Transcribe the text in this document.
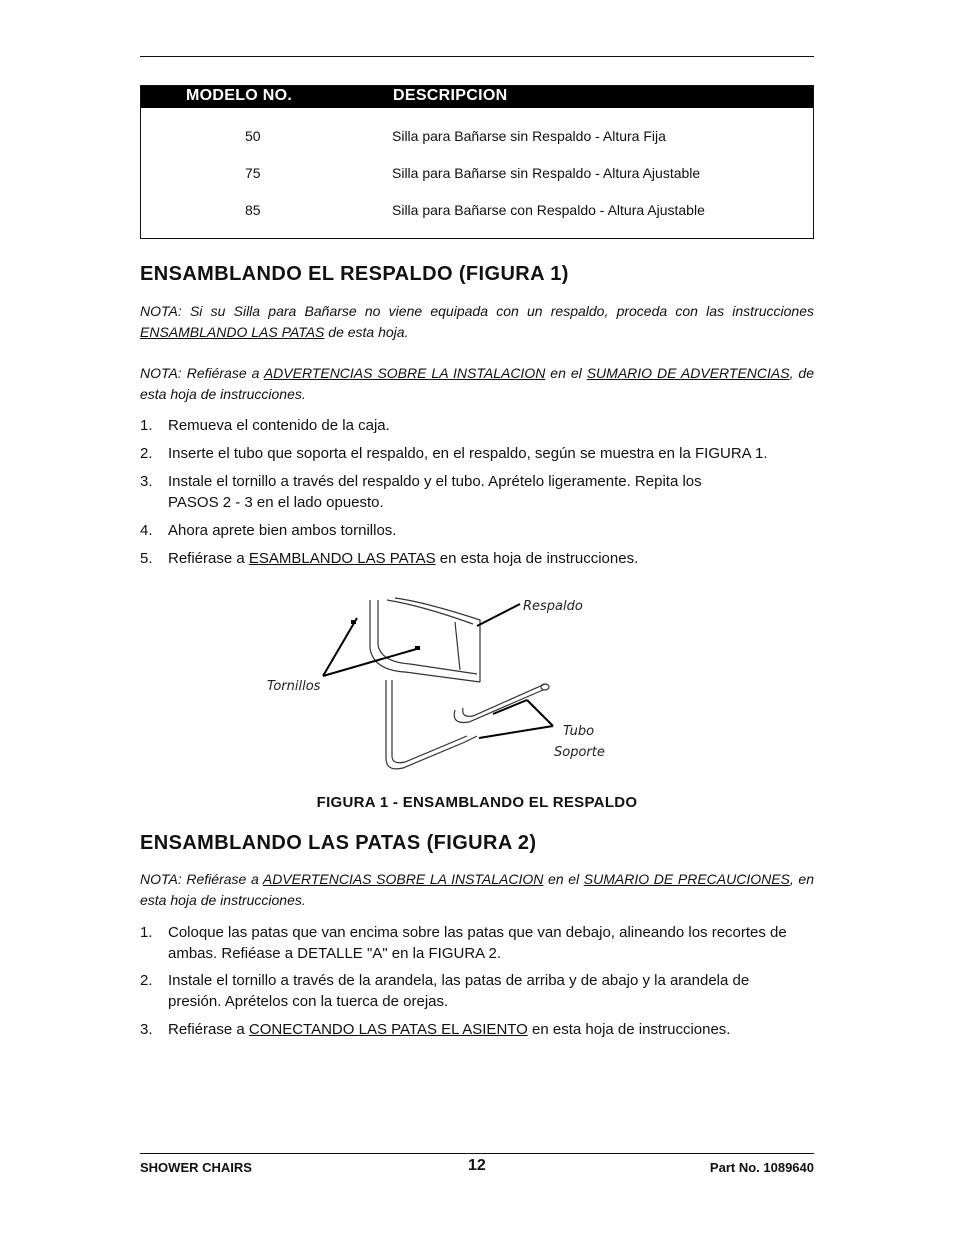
MODELO NO.	DESCRIPCION
50	Silla para Bañarse sin Respaldo - Altura Fija
75	Silla para Bañarse sin Respaldo - Altura Ajustable
85	Silla para Bañarse con Respaldo - Altura Ajustable
ENSAMBLANDO EL RESPALDO (FIGURA 1)
NOTA: Si su Silla para Bañarse no viene equipada con un respaldo, proceda con las instrucciones ENSAMBLANDO LAS PATAS de esta hoja.
NOTA: Refiérase a ADVERTENCIAS SOBRE LA INSTALACION en el SUMARIO DE ADVERTENCIAS, de esta hoja de instrucciones.
1. Remueva el contenido de la caja.
2. Inserte el tubo que soporta el respaldo, en el respaldo, según se muestra en la FIGURA 1.
3. Instale el tornillo a través del respaldo y el tubo. Aprételo ligeramente. Repita los
PASOS 2 - 3 en el lado opuesto.
4. Ahora aprete bien ambos tornillos.
5. Refiérase a ESAMBLANDO LAS PATAS en esta hoja de instrucciones.
Respaldo
Tornillos
Tubo
Soporte
FIGURA 1 - ENSAMBLANDO EL RESPALDO
ENSAMBLANDO LAS PATAS (FIGURA 2)
NOTA: Refiérase a ADVERTENCIAS SOBRE LA INSTALACION en el SUMARIO DE PRECAUCIONES, en esta hoja de instrucciones.
1. Coloque las patas que van encima sobre las patas que van debajo, alineando los recortes de
ambas. Refiéase a DETALLE "A" en la FIGURA 2.
2. Instale el tornillo a través de la arandela, las patas de arriba y de abajo y la arandela de
presión. Aprételos con la tuerca de orejas.
3. Refiérase a CONECTANDO LAS PATAS EL ASIENTO en esta hoja de instrucciones.
SHOWER CHAIRS	12	Part No. 1089640
